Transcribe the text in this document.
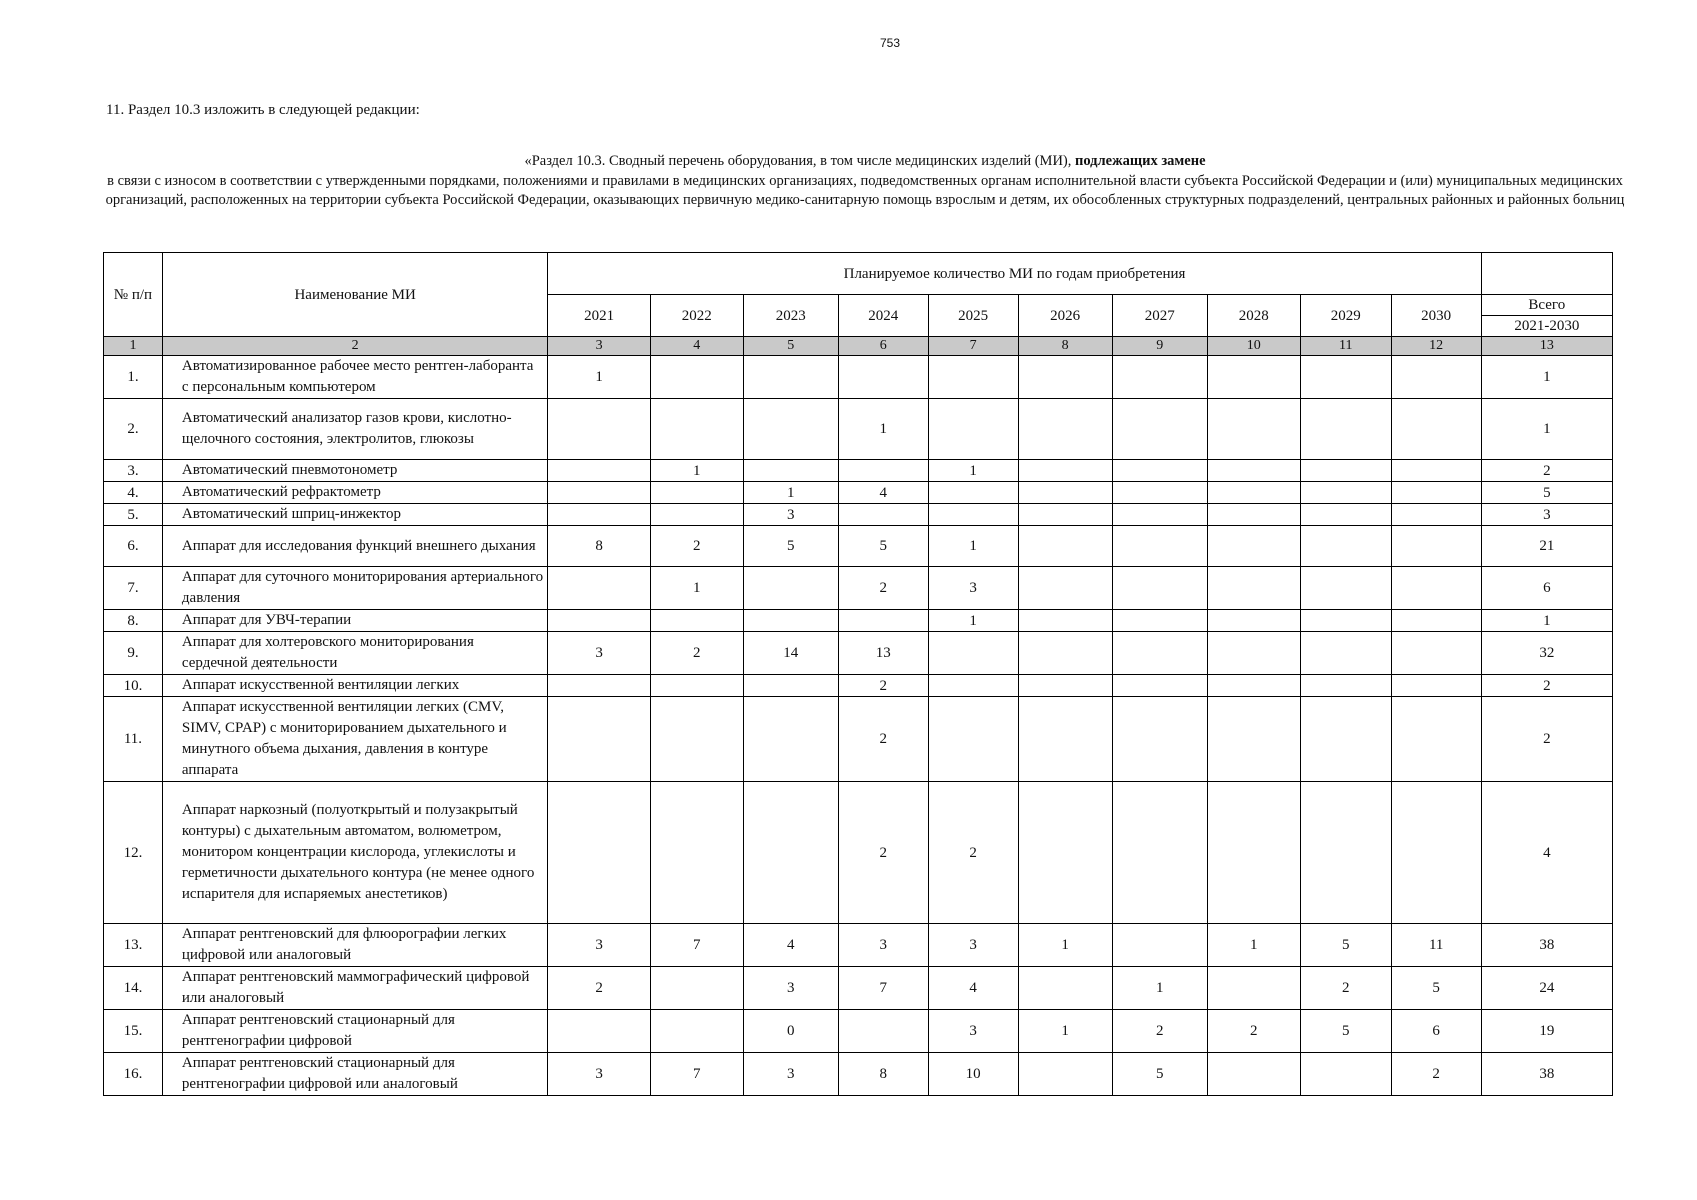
753
11. Раздел 10.3 изложить в следующей редакции:
«Раздел 10.3. Сводный перечень оборудования, в том числе медицинских изделий (МИ), подлежащих замене
в связи с износом в соответствии с утвержденными порядками, положениями и правилами в медицинских организациях, подведомственных органам исполнительной власти субъекта Российской Федерации и (или) муниципальных медицинских организаций, расположенных на территории субъекта Российской Федерации, оказывающих первичную медико-санитарную помощь взрослым и детям, их обособленных структурных подразделений, центральных районных и районных больниц
№ п/п	Наименование МИ	Планируемое количество МИ по годам приобретения										
		2021	2022	2023	2024	2025	2026	2027	2028	2029	2030	Всего
												2021-2030
1	2	3	4	5	6	7	8	9	10	11	12	13
1.	Автоматизированное рабочее место рентген-лаборанта с персональным компьютером	1										1
2.	Автоматический анализатор газов крови, кислотно-щелочного состояния, электролитов, глюкозы				1							1
3.	Автоматический пневмотонометр		1			1						2
4.	Автоматический рефрактометр			1	4							5
5.	Автоматический шприц-инжектор			3								3
6.	Аппарат для исследования функций внешнего дыхания	8	2	5	5	1						21
7.	Аппарат для суточного мониторирования артериального давления		1		2	3						6
8.	Аппарат для УВЧ-терапии					1						1
9.	Аппарат для холтеровского мониторирования сердечной деятельности	3	2	14	13							32
10.	Аппарат искусственной вентиляции легких				2							2
11.	Аппарат искусственной вентиляции легких (CMV, SIMV, CPAP) с мониторированием дыхательного и минутного объема дыхания, давления в контуре аппарата				2							2
12.	Аппарат наркозный (полуоткрытый и полузакрытый контуры) с дыхательным автоматом, волюметром, монитором концентрации кислорода, углекислоты и герметичности дыхательного контура (не менее одного испарителя для испаряемых анестетиков)				2	2						4
13.	Аппарат рентгеновский для флюорографии легких цифровой или аналоговый	3	7	4	3	3	1		1	5	11	38
14.	Аппарат рентгеновский маммографический цифровой или аналоговый	2		3	7	4		1		2	5	24
15.	Аппарат рентгеновский стационарный для рентгенографии цифровой			0		3	1	2	2	5	6	19
16.	Аппарат рентгеновский стационарный для рентгенографии цифровой или аналоговый	3	7	3	8	10		5			2	38
